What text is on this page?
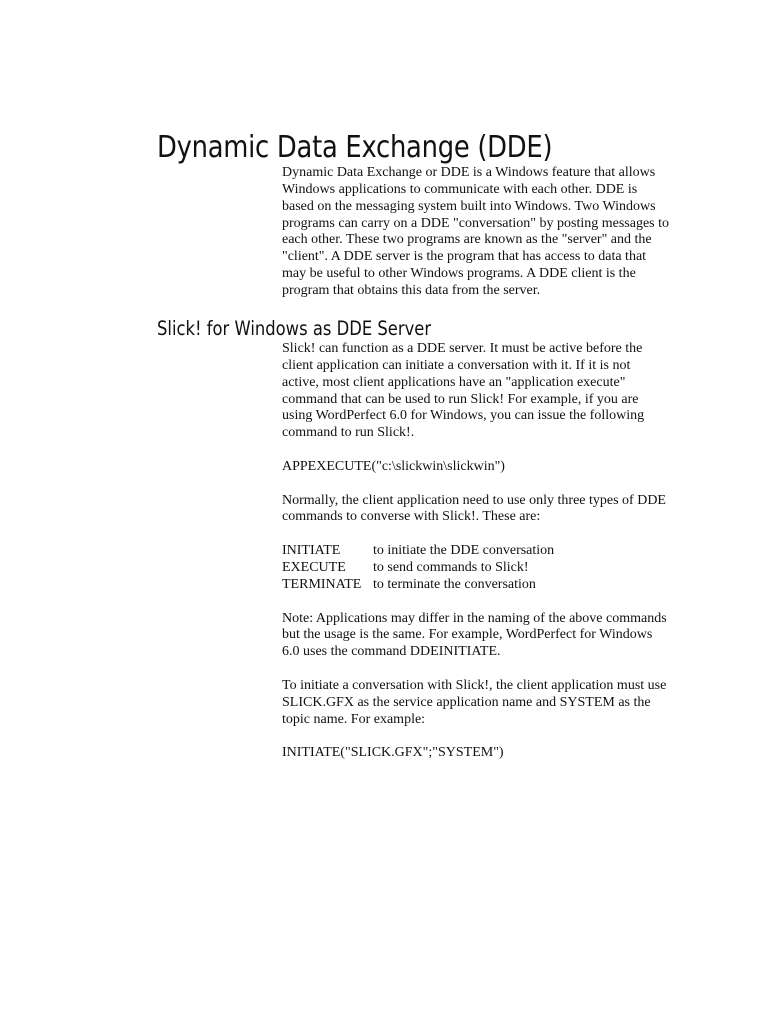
Dynamic Data Exchange (DDE)

Dynamic Data Exchange or DDE is a Windows feature that allows
Windows applications to communicate with each other. DDE is
based on the messaging system built into Windows. Two Windows
programs can carry on a DDE "conversation" by posting messages to
each other. These two programs are known as the "server" and the
"client". A DDE server is the program that has access to data that
may be useful to other Windows programs. A DDE client is the
program that obtains this data from the server.

Slick! for Windows as DDE Server

Slick! can function as a DDE server. It must be active before the
client application can initiate a conversation with it. If it is not
active, most client applications have an "application execute"
command that can be used to run Slick! For example, if you are
using WordPerfect 6.0 for Windows, you can issue the following
command to run Slick!.

APPEXECUTE("c:\slickwin\slickwin")

Normally, the client application need to use only three types of DDE
commands to converse with Slick!. These are:

INITIATE	to initiate the DDE conversation
EXECUTE	to send commands to Slick!
TERMINATE	to terminate the conversation

Note: Applications may differ in the naming of the above commands
but the usage is the same. For example, WordPerfect for Windows
6.0 uses the command DDEINITIATE.

To initiate a conversation with Slick!, the client application must use
SLICK.GFX as the service application name and SYSTEM as the
topic name. For example:

INITIATE("SLICK.GFX";"SYSTEM")
